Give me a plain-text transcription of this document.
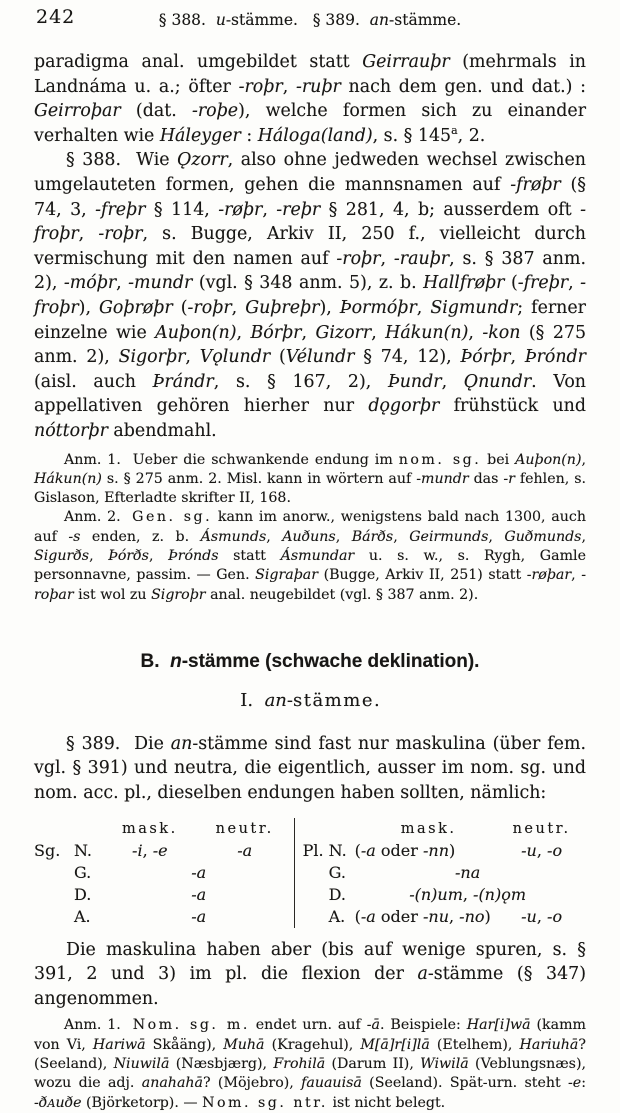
242	§ 388.  u-stämme.   § 389.  an-stämme.

paradigma anal. umgebildet statt Geirrauþr (mehrmals in Landnáma u. a.; öfter -roþr, -ruþr nach dem gen. und dat.) : Geirroþar (dat. -roþe), welche formen sich zu einander verhalten wie Háleyger : Háloga(land), s. § 145$^a$, 2.

§ 388.  Wie Ǫzorr, also ohne jedweden wechsel zwischen umgelauteten formen, gehen die mannsnamen auf -frøþr (§ 74, 3, -freþr § 114, -røþr, -reþr § 281, 4, b; ausserdem oft -froþr, -roþr, s. Bugge, Arkiv II, 250 f., vielleicht durch vermischung mit den namen auf -roþr, -rauþr, s. § 387 anm. 2), -móþr, -mundr (vgl. § 348 anm. 5), z. b. Hallfrøþr (-freþr, -froþr), Goþrøþr (-roþr, Guþreþr), Þormóþr, Sigmundr; ferner einzelne wie Auþon(n), Bórþr, Gizorr, Hákun(n), -kon (§ 275 anm. 2), Sigorþr, Vǫlundr (Vélundr § 74, 12), Þórþr, Þróndr (aisl. auch Þrándr, s. § 167, 2), Þundr, Ǫnundr. Von appellativen gehören hierher nur dǫgorþr frühstück und nóttorþr abendmahl.

Anm. 1.  Ueber die schwankende endung im nom. sg. bei Auþon(n), Hákun(n) s. § 275 anm. 2. Misl. kann in wörtern auf -mundr das -r fehlen, s. Gislason, Efterladte skrifter II, 168.

Anm. 2.  Gen. sg. kann im anorw., wenigstens bald nach 1300, auch auf -s enden, z. b. Ásmunds, Auðuns, Bárðs, Geirmunds, Guðmunds, Sigurðs, Þórðs, Þrónds statt Ásmundar u. s. w., s. Rygh, Gamle personnavne, passim. — Gen. Sigraþar (Bugge, Arkiv II, 251) statt -røþar, -roþar ist wol zu Sigroþr anal. neugebildet (vgl. § 387 anm. 2).

B.  n-stämme (schwache deklination).
I.  an-stämme.

§ 389.  Die an-stämme sind fast nur maskulina (über fem. vgl. § 391) und neutra, die eigentlich, ausser im nom. sg. und nom. acc. pl., dieselben endungen haben sollten, nämlich:

		mask.	neutr.
Sg.	N.	-i, -e	-a
	G.	-a	
	D.	-a	
	A.	-a	
		mask.	neutr.
Pl.	N.	(-a oder -nn)	-u, -o
	G.	-na	
	D.	-(n)um, -(n)ǫm	
	A.	(-a oder -nu, -no)	-u, -o

Die maskulina haben aber (bis auf wenige spuren, s. § 391, 2 und 3) im pl. die flexion der a-stämme (§ 347) angenommen.

Anm. 1.  Nom. sg. m. endet urn. auf -ā. Beispiele: Har[i]wā (kamm von Vi, Hariwā Skåäng), Muhā (Kragehul), M[ā]r[i]lā (Etelhem), Hariuhā? (Seeland), Niuwilā (Næsbjærg), Frohilā (Darum II), Wiwilā (Veblungsnæs), wozu die adj. anahahā? (Möjebro), fauauisā (Seeland). Spät-urn. steht -e: -ðAuðe (Björketorp). — Nom. sg. ntr. ist nicht belegt.
